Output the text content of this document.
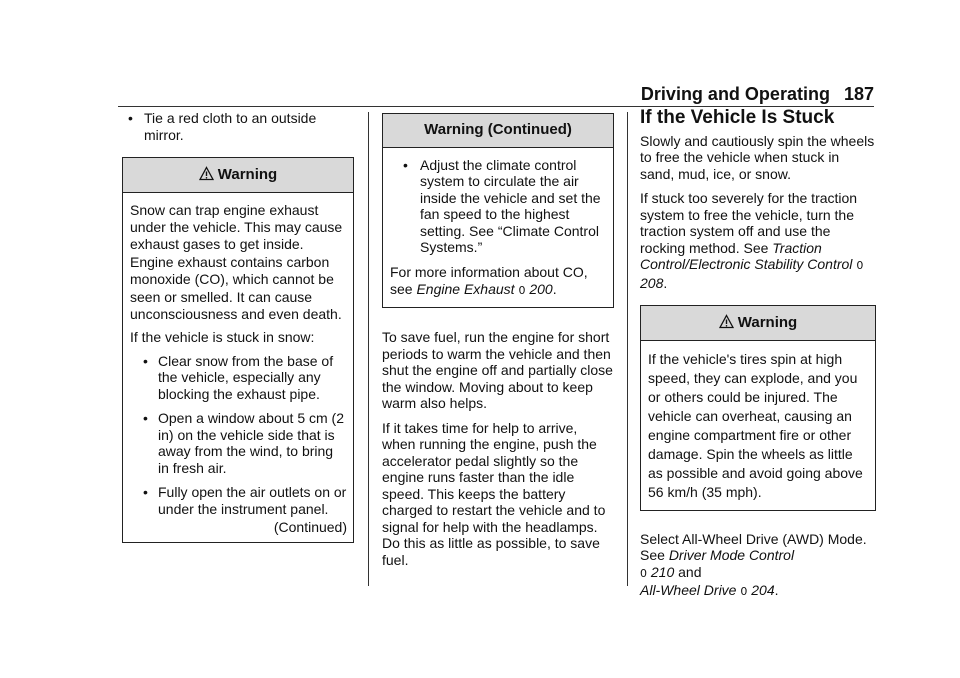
Driving and Operating 187
• Tie a red cloth to an outside mirror.
Warning

Snow can trap engine exhaust under the vehicle. This may cause exhaust gases to get inside. Engine exhaust contains carbon monoxide (CO), which cannot be seen or smelled. It can cause unconsciousness and even death.

If the vehicle is stuck in snow:

• Clear snow from the base of the vehicle, especially any blocking the exhaust pipe.
• Open a window about 5 cm (2 in) on the vehicle side that is away from the wind, to bring in fresh air.
• Fully open the air outlets on or under the instrument panel.
(Continued)
Warning (Continued)
• Adjust the climate control system to circulate the air inside the vehicle and set the fan speed to the highest setting. See “Climate Control Systems.”

For more information about CO, see Engine Exhaust 0 200.

To save fuel, run the engine for short periods to warm the vehicle and then shut the engine off and partially close the window. Moving about to keep warm also helps.

If it takes time for help to arrive, when running the engine, push the accelerator pedal slightly so the engine runs faster than the idle speed. This keeps the battery charged to restart the vehicle and to signal for help with the headlamps. Do this as little as possible, to save fuel.

If the Vehicle Is Stuck

Slowly and cautiously spin the wheels to free the vehicle when stuck in sand, mud, ice, or snow.

If stuck too severely for the traction system to free the vehicle, turn the traction system off and use the rocking method. See Traction Control/Electronic Stability Control 0 208.

Warning

If the vehicle's tires spin at high speed, they can explode, and you or others could be injured. The vehicle can overheat, causing an engine compartment fire or other damage. Spin the wheels as little as possible and avoid going above 56 km/h (35 mph).

Select All-Wheel Drive (AWD) Mode. See Driver Mode Control
0 210 and
All-Wheel Drive 0 204.
